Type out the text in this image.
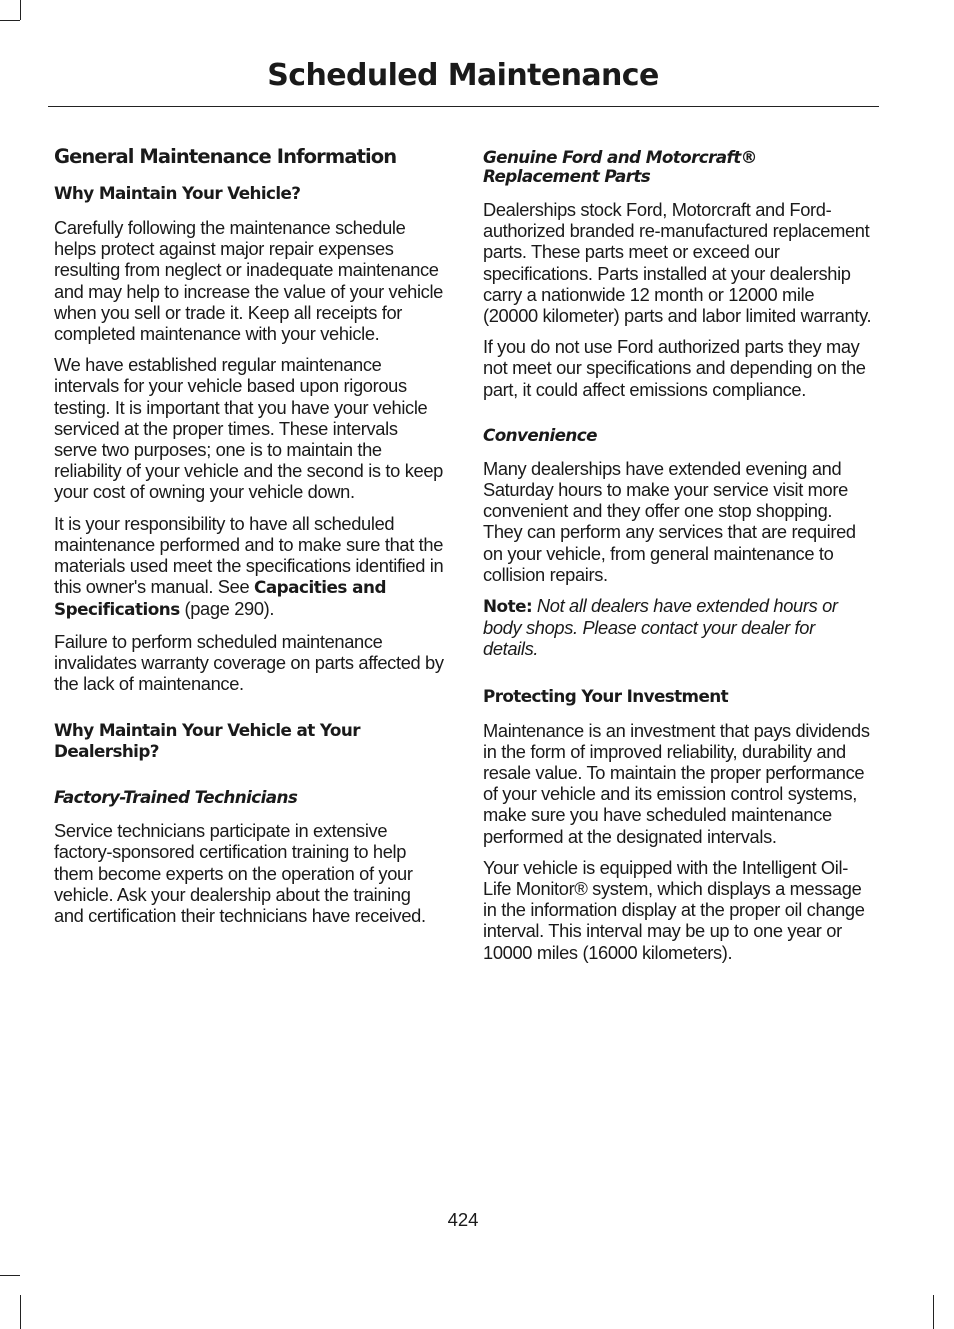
Scheduled Maintenance
General Maintenance Information
Why Maintain Your Vehicle?

Carefully following the maintenance schedule helps protect against major repair expenses resulting from neglect or inadequate maintenance and may help to increase the value of your vehicle when you sell or trade it. Keep all receipts for completed maintenance with your vehicle.

We have established regular maintenance intervals for your vehicle based upon rigorous testing. It is important that you have your vehicle serviced at the proper times. These intervals serve two purposes; one is to maintain the reliability of your vehicle and the second is to keep your cost of owning your vehicle down.

It is your responsibility to have all scheduled maintenance performed and to make sure that the materials used meet the specifications identified in this owner's manual. See Capacities and Specifications (page 290).

Failure to perform scheduled maintenance invalidates warranty coverage on parts affected by the lack of maintenance.

Why Maintain Your Vehicle at Your Dealership?
Factory-Trained Technicians

Service technicians participate in extensive factory-sponsored certification training to help them become experts on the operation of your vehicle. Ask your dealership about the training and certification their technicians have received.

Genuine Ford and Motorcraft® Replacement Parts

Dealerships stock Ford, Motorcraft and Ford-authorized branded re-manufactured replacement parts. These parts meet or exceed our specifications. Parts installed at your dealership carry a nationwide 12 month or 12000 mile (20000 kilometer) parts and labor limited warranty.

If you do not use Ford authorized parts they may not meet our specifications and depending on the part, it could affect emissions compliance.

Convenience

Many dealerships have extended evening and Saturday hours to make your service visit more convenient and they offer one stop shopping. They can perform any services that are required on your vehicle, from general maintenance to collision repairs.

Note: Not all dealers have extended hours or body shops. Please contact your dealer for details.

Protecting Your Investment

Maintenance is an investment that pays dividends in the form of improved reliability, durability and resale value. To maintain the proper performance of your vehicle and its emission control systems, make sure you have scheduled maintenance performed at the designated intervals.

Your vehicle is equipped with the Intelligent Oil-Life Monitor® system, which displays a message in the information display at the proper oil change interval. This interval may be up to one year or 10000 miles (16000 kilometers).

424
